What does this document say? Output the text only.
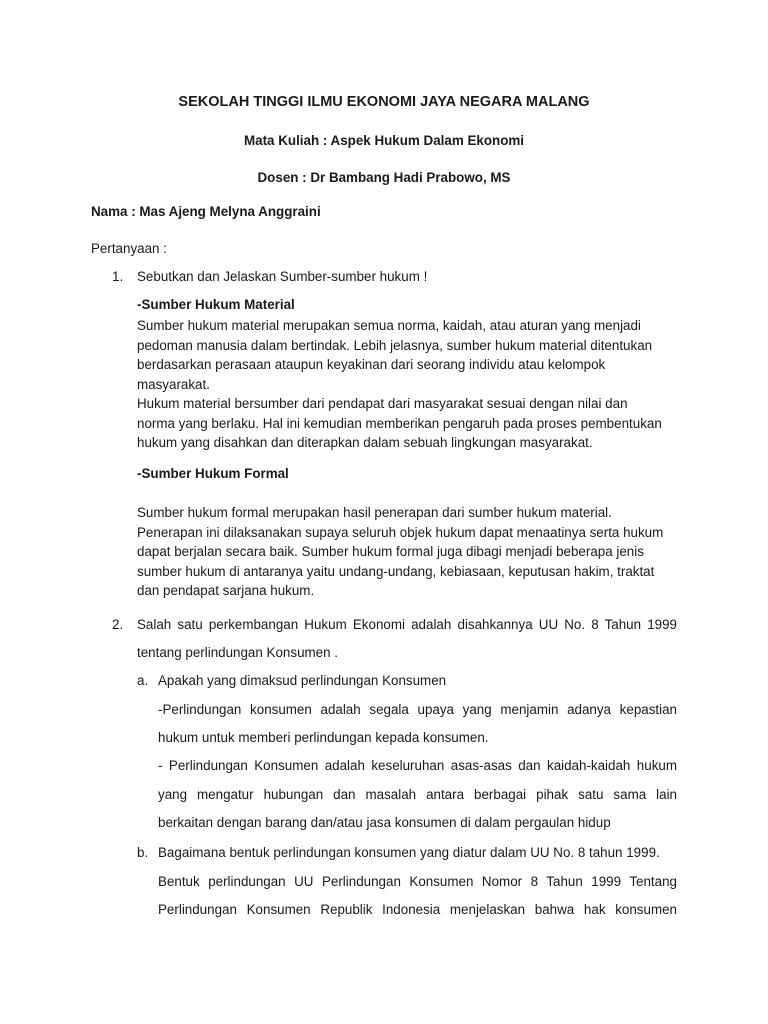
SEKOLAH TINGGI ILMU EKONOMI JAYA NEGARA MALANG
Mata Kuliah : Aspek Hukum Dalam Ekonomi
Dosen : Dr Bambang Hadi Prabowo, MS
Nama : Mas Ajeng Melyna Anggraini
Pertanyaan :
1. Sebutkan dan Jelaskan Sumber-sumber hukum !
-Sumber Hukum Material
Sumber hukum material merupakan semua norma, kaidah, atau aturan yang menjadi
pedoman manusia dalam bertindak. Lebih jelasnya, sumber hukum material ditentukan
berdasarkan perasaan ataupun keyakinan dari seorang individu atau kelompok
masyarakat.
Hukum material bersumber dari pendapat dari masyarakat sesuai dengan nilai dan
norma yang berlaku. Hal ini kemudian memberikan pengaruh pada proses pembentukan
hukum yang disahkan dan diterapkan dalam sebuah lingkungan masyarakat.
-Sumber Hukum Formal
Sumber hukum formal merupakan hasil penerapan dari sumber hukum material.
Penerapan ini dilaksanakan supaya seluruh objek hukum dapat menaatinya serta hukum
dapat berjalan secara baik. Sumber hukum formal juga dibagi menjadi beberapa jenis
sumber hukum di antaranya yaitu undang-undang, kebiasaan, keputusan hakim, traktat
dan pendapat sarjana hukum.
2. Salah satu perkembangan Hukum Ekonomi adalah disahkannya UU No. 8 Tahun 1999
tentang perlindungan Konsumen .
a. Apakah yang dimaksud perlindungan Konsumen
-Perlindungan konsumen adalah segala upaya yang menjamin adanya kepastian
hukum untuk memberi perlindungan kepada konsumen.
- Perlindungan Konsumen adalah keseluruhan asas-asas dan kaidah-kaidah hukum
yang mengatur hubungan dan masalah antara berbagai pihak satu sama lain
berkaitan dengan barang dan/atau jasa konsumen di dalam pergaulan hidup
b. Bagaimana bentuk perlindungan konsumen yang diatur dalam UU No. 8 tahun 1999.
Bentuk perlindungan UU Perlindungan Konsumen Nomor 8 Tahun 1999 Tentang
Perlindungan Konsumen Republik Indonesia menjelaskan bahwa hak konsumen
